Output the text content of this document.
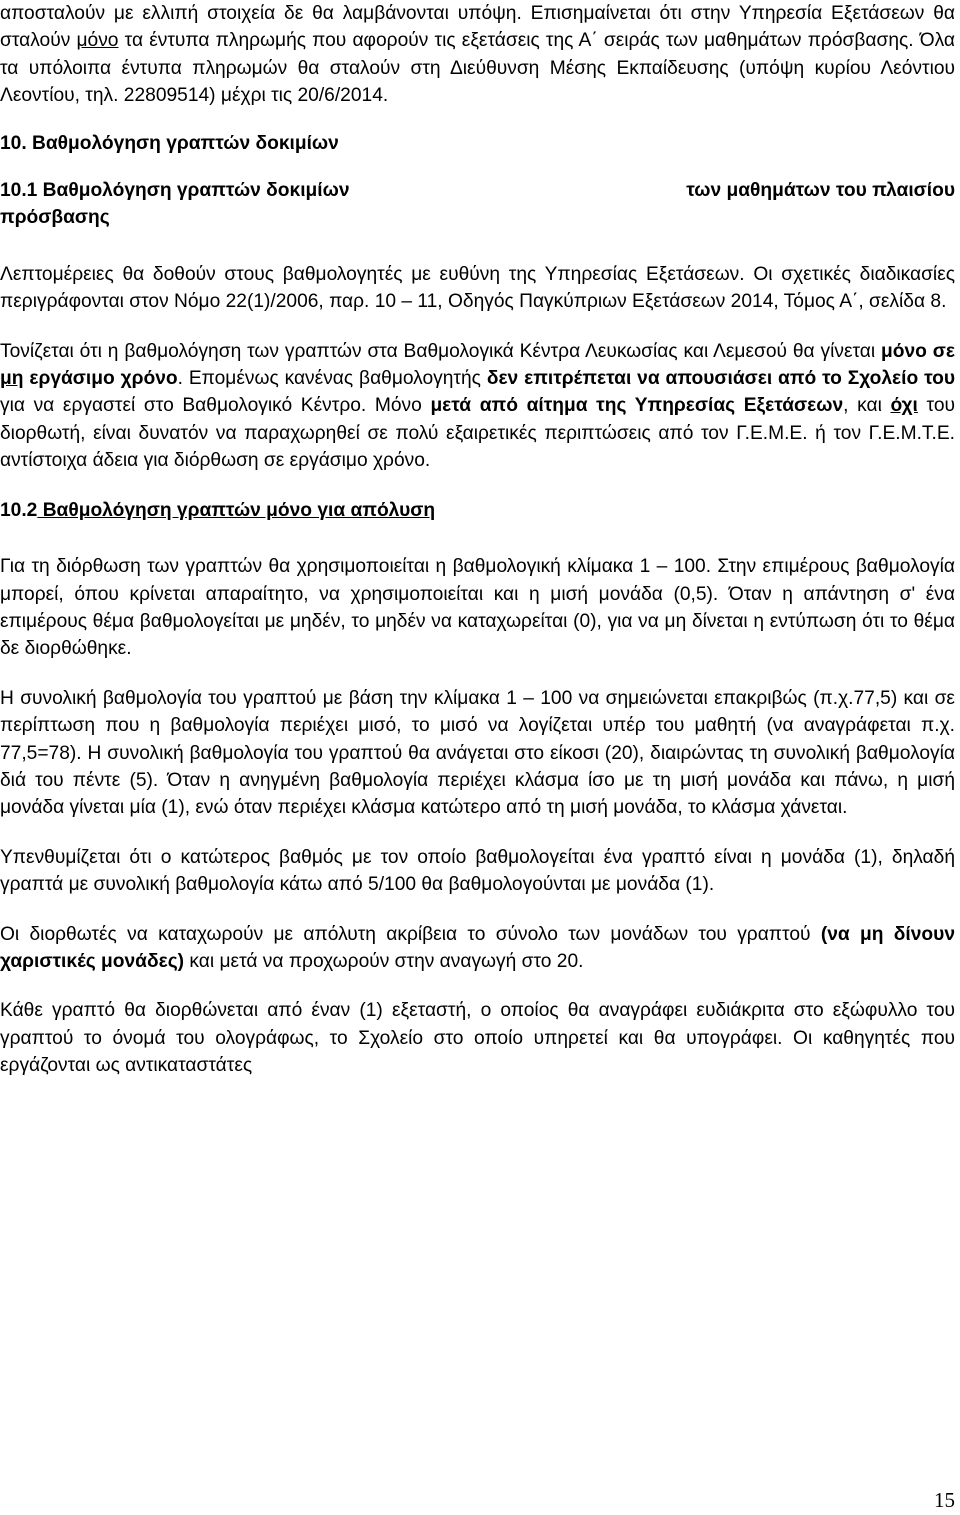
αποσταλούν με ελλιπή στοιχεία δε θα λαμβάνονται υπόψη. Επισημαίνεται ότι στην Υπηρεσία Εξετάσεων θα σταλούν μόνο τα έντυπα πληρωμής που αφορούν τις εξετάσεις της Α΄ σειράς των μαθημάτων πρόσβασης. Όλα τα υπόλοιπα έντυπα πληρωμών θα σταλούν στη Διεύθυνση Μέσης Εκπαίδευσης (υπόψη κυρίου Λεόντιου Λεοντίου, τηλ. 22809514) μέχρι τις 20/6/2014.

10. Βαθμολόγηση γραπτών δοκιμίων

10.1 Βαθμολόγηση γραπτών δοκιμίων	των μαθημάτων του πλαισίου
πρόσβασης

Λεπτομέρειες θα δοθούν στους βαθμολογητές με ευθύνη της Υπηρεσίας Εξετάσεων. Οι σχετικές διαδικασίες περιγράφονται στον Νόμο 22(1)/2006, παρ. 10 – 11, Οδηγός Παγκύπριων Εξετάσεων 2014, Τόμος Α΄, σελίδα 8.

Τονίζεται ότι η βαθμολόγηση των γραπτών στα Βαθμολογικά Κέντρα Λευκωσίας και Λεμεσού θα γίνεται μόνο σε μη εργάσιμο χρόνο. Επομένως κανένας βαθμολογητής δεν επιτρέπεται να απουσιάσει από το Σχολείο του για να εργαστεί στο Βαθμολογικό Κέντρο. Μόνο μετά από αίτημα της Υπηρεσίας Εξετάσεων, και όχι του διορθωτή, είναι δυνατόν να παραχωρηθεί σε πολύ εξαιρετικές περιπτώσεις από τον Γ.Ε.Μ.Ε. ή τον Γ.Ε.Μ.Τ.Ε. αντίστοιχα άδεια για διόρθωση σε εργάσιμο χρόνο.

10.2 Βαθμολόγηση γραπτών μόνο για απόλυση

Για τη διόρθωση των γραπτών θα χρησιμοποιείται η βαθμολογική κλίμακα 1 – 100. Στην επιμέρους βαθμολογία μπορεί, όπου κρίνεται απαραίτητο, να χρησιμοποιείται και η μισή μονάδα (0,5). Όταν η απάντηση σ' ένα επιμέρους θέμα βαθμολογείται με μηδέν, το μηδέν να καταχωρείται (0), για να μη δίνεται η εντύπωση ότι το θέμα δε διορθώθηκε.

Η συνολική βαθμολογία του γραπτού με βάση την κλίμακα 1 – 100 να σημειώνεται επακριβώς (π.χ.77,5) και σε περίπτωση που η βαθμολογία περιέχει μισό, το μισό να λογίζεται υπέρ του μαθητή (να αναγράφεται π.χ. 77,5=78). Η συνολική βαθμολογία του γραπτού θα ανάγεται στο είκοσι (20), διαιρώντας τη συνολική βαθμολογία διά του πέντε (5). Όταν η ανηγμένη βαθμολογία περιέχει κλάσμα ίσο με τη μισή μονάδα και πάνω, η μισή μονάδα γίνεται μία (1), ενώ όταν περιέχει κλάσμα κατώτερο από τη μισή μονάδα, το κλάσμα χάνεται.

Υπενθυμίζεται ότι ο κατώτερος βαθμός με τον οποίο βαθμολογείται ένα γραπτό είναι η μονάδα (1), δηλαδή γραπτά με συνολική βαθμολογία κάτω από 5/100 θα βαθμολογούνται με μονάδα (1).

Οι διορθωτές να καταχωρούν με απόλυτη ακρίβεια το σύνολο των μονάδων του γραπτού (να μη δίνουν χαριστικές μονάδες) και μετά να προχωρούν στην αναγωγή στο 20.

Κάθε γραπτό θα διορθώνεται από έναν (1) εξεταστή, ο οποίος θα αναγράφει ευδιάκριτα στο εξώφυλλο του γραπτού το όνομά του ολογράφως, το Σχολείο στο οποίο υπηρετεί και θα υπογράφει. Οι καθηγητές που εργάζονται ως αντικαταστάτες

15
